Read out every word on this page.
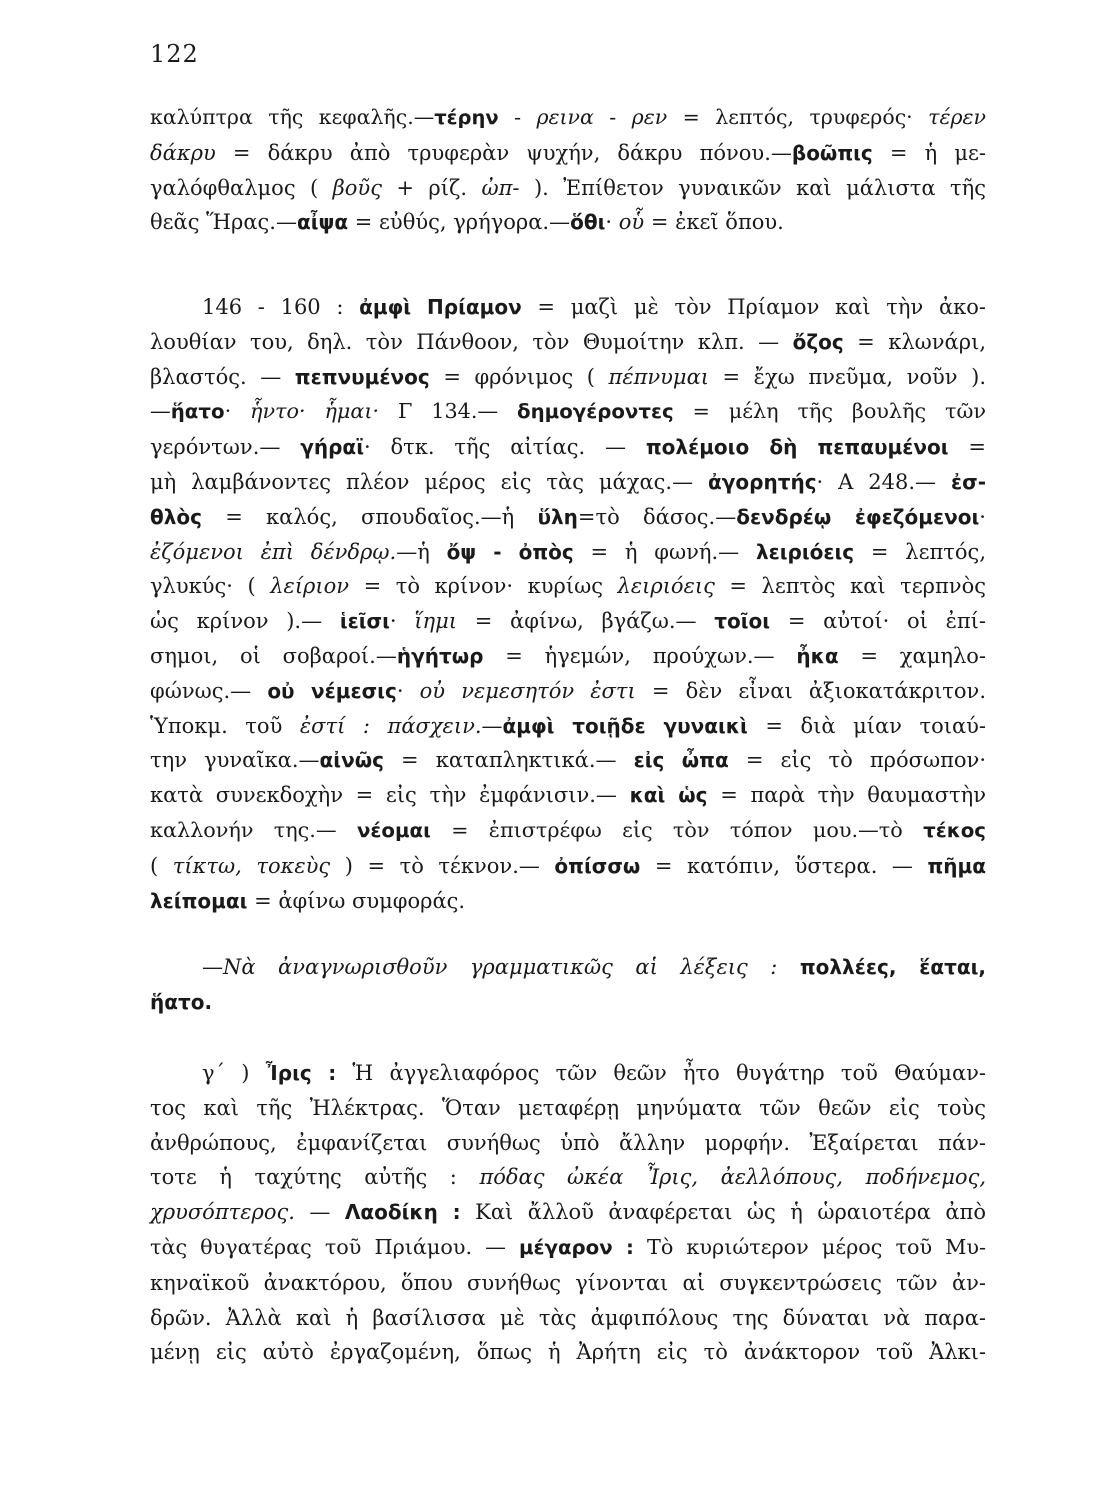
122
καλύπτρα τῆς κεφαλῆς.—τέρην - ρεινα - ρεν = λεπτός, τρυφερός· τέρεν
δάκρυ = δάκρυ ἀπὸ τρυφερὰν ψυχήν, δάκρυ πόνου.—βοῶπις = ἡ με-
γαλόφθαλμος ( βοῦς + ρίζ. ὠπ- ). Ἐπίθετον γυναικῶν καὶ μάλιστα τῆς
θεᾶς Ἥρας.—αἶψα = εὐθύς, γρήγορα.—ὅθι· οὗ = ἐκεῖ ὅπου.
146 - 160 : ἀμφὶ Πρίαμον = μαζὶ μὲ τὸν Πρίαμον καὶ τὴν ἀκο-
λουθίαν του, δηλ. τὸν Πάνθοον, τὸν Θυμοίτην κλπ. — ὄζος = κλωνάρι,
βλαστός. — πεπνυμένος = φρόνιμος ( πέπνυμαι = ἔχω πνεῦμα, νοῦν ).
—ἥατο· ἧντο· ἧμαι· Γ 134.— δημογέροντες = μέλη τῆς βουλῆς τῶν
γερόντων.— γήραϊ· δτκ. τῆς αἰτίας. — πολέμοιο δὴ πεπαυμένοι =
μὴ λαμβάνοντες πλέον μέρος εἰς τὰς μάχας.— ἀγορητής· Α 248.— ἐσ-
θλὸς = καλός, σπουδαῖος.—ἡ ὕλη=τὸ δάσος.—δενδρέῳ ἐφεζόμενοι·
ἐζόμενοι ἐπὶ δένδρῳ.—ἡ ὄψ - ὀπὸς = ἡ φωνή.— λειριόεις = λεπτός,
γλυκύς· ( λείριον = τὸ κρίνον· κυρίως λειριόεις = λεπτὸς καὶ τερπνὸς
ὡς κρίνον ).— ἱεῖσι· ἵημι = ἀφίνω, βγάζω.— τοῖοι = αὐτοί· οἱ ἐπί-
σημοι, οἱ σοβαροί.—ἡγήτωρ = ἡγεμών, προύχων.— ἦκα = χαμηλο-
φώνως.— οὐ νέμεσις· οὐ νεμεσητόν ἐστι = δὲν εἶναι ἀξιοκατάκριτον.
Ὑποκμ. τοῦ ἐστί : πάσχειν.—ἀμφὶ τοιῇδε γυναικὶ = διὰ μίαν τοιαύ-
την γυναῖκα.—αἰνῶς = καταπληκτικά.— εἰς ὦπα = εἰς τὸ πρόσωπον·
κατὰ συνεκδοχὴν = εἰς τὴν ἐμφάνισιν.— καὶ ὡς = παρὰ τὴν θαυμαστὴν
καλλονήν της.— νέομαι = ἐπιστρέφω εἰς τὸν τόπον μου.—τὸ τέκος
( τίκτω, τοκεὺς ) = τὸ τέκνον.— ὀπίσσω = κατόπιν, ὕστερα. — πῆμα
λείπομαι = ἀφίνω συμφοράς.
—Νὰ ἀναγνωρισθοῦν γραμματικῶς αἱ λέξεις : πολλέες, ἕαται,
ἥατο.
γ΄ ) Ἶρις : Ἡ ἀγγελιαφόρος τῶν θεῶν ἦτο θυγάτηρ τοῦ Θαύμαν-
τος καὶ τῆς Ἠλέκτρας. Ὅταν μεταφέρῃ μηνύματα τῶν θεῶν εἰς τοὺς
ἀνθρώπους, ἐμφανίζεται συνήθως ὑπὸ ἄλλην μορφήν. Ἐξαίρεται πάν-
τοτε ἡ ταχύτης αὐτῆς : πόδας ὠκέα Ἶρις, ἀελλόπους, ποδήνεμος,
χρυσόπτερος. — Λαοδίκη : Καὶ ἄλλοῦ ἀναφέρεται ὡς ἡ ὡραιοτέρα ἀπὸ
τὰς θυγατέρας τοῦ Πριάμου. — μέγαρον : Τὸ κυριώτερον μέρος τοῦ Μυ-
κηναϊκοῦ ἀνακτόρου, ὅπου συνήθως γίνονται αἱ συγκεντρώσεις τῶν ἀν-
δρῶν. Ἀλλὰ καὶ ἡ βασίλισσα μὲ τὰς ἀμφιπόλους της δύναται νὰ παρα-
μένῃ εἰς αὐτὸ ἐργαζομένη, ὅπως ἡ Ἀρήτη εἰς τὸ ἀνάκτορον τοῦ Ἀλκι-
